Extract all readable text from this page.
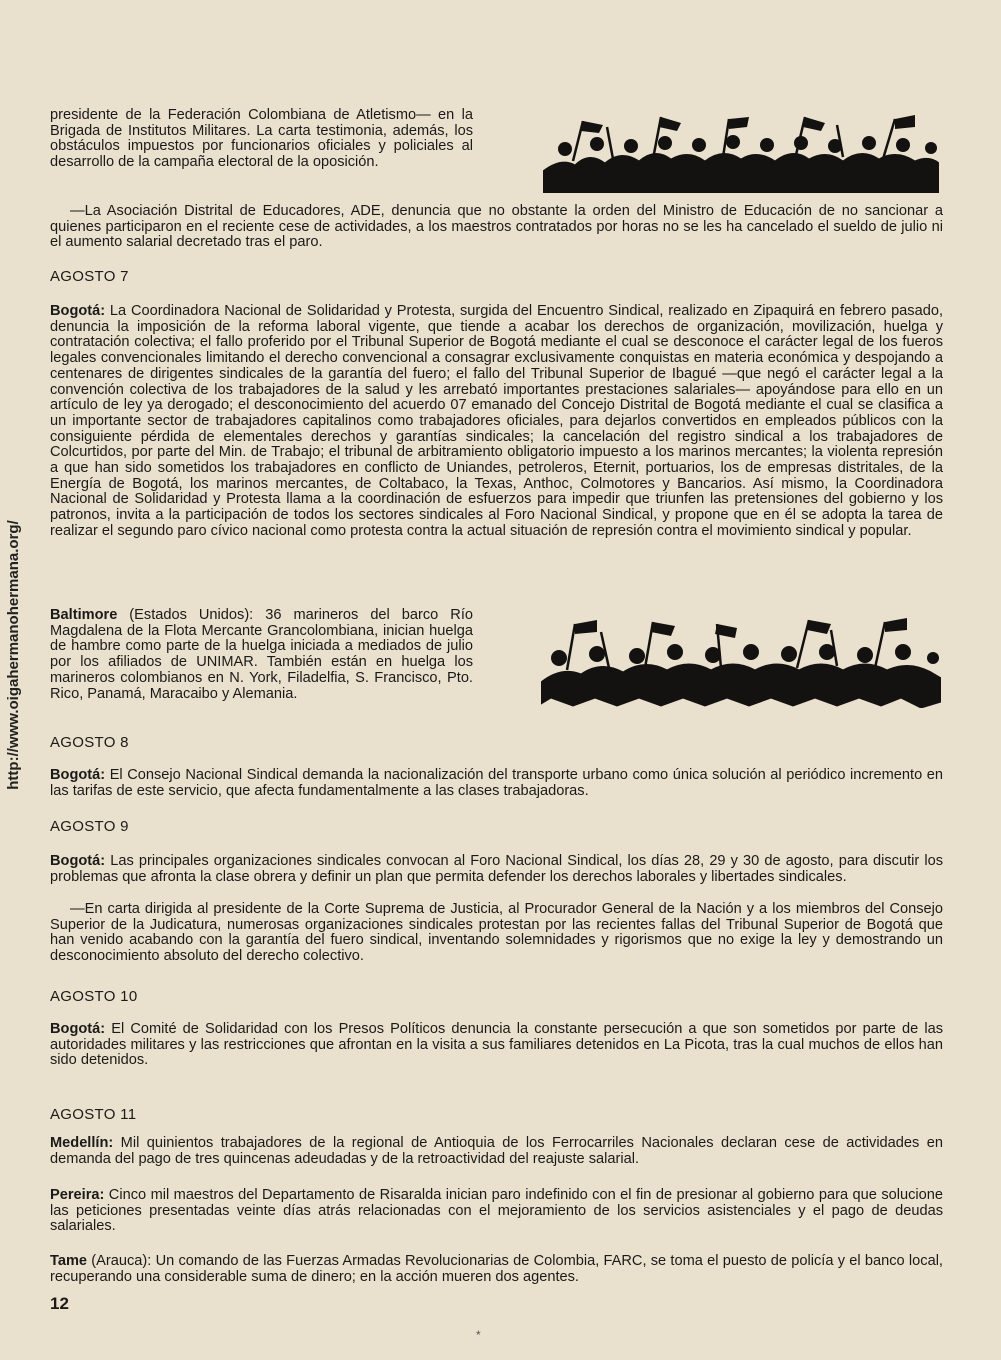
http://www.oigahermanohermana.org/

presidente de la Federación Colombiana de Atletismo— en la Brigada de Institutos Militares. La carta testimonia, además, los obstáculos impuestos por funcionarios oficiales y policiales al desarrollo de la campaña electoral de la oposición.

—La Asociación Distrital de Educadores, ADE, denuncia que no obstante la orden del Ministro de Educación de no sancionar a quienes participaron en el reciente cese de actividades, a los maestros contratados por horas no se les ha cancelado el sueldo de julio ni el aumento salarial decretado tras el paro.

AGOSTO 7

Bogotá: La Coordinadora Nacional de Solidaridad y Protesta, surgida del Encuentro Sindical, realizado en Zipaquirá en febrero pasado, denuncia la imposición de la reforma laboral vigente, que tiende a acabar los derechos de organización, movilización, huelga y contratación colectiva; el fallo proferido por el Tribunal Superior de Bogotá mediante el cual se desconoce el carácter legal de los fueros legales convencionales limitando el derecho convencional a consagrar exclusivamente conquistas en materia económica y despojando a centenares de dirigentes sindicales de la garantía del fuero; el fallo del Tribunal Superior de Ibagué —que negó el carácter legal a la convención colectiva de los trabajadores de la salud y les arrebató importantes prestaciones salariales— apoyándose para ello en un artículo de ley ya derogado; el desconocimiento del acuerdo 07 emanado del Concejo Distrital de Bogotá mediante el cual se clasifica a un importante sector de trabajadores capitalinos como trabajadores oficiales, para dejarlos convertidos en empleados públicos con la consiguiente pérdida de elementales derechos y garantías sindicales; la cancelación del registro sindical a los trabajadores de Colcurtidos, por parte del Min. de Trabajo; el tribunal de arbitramiento obligatorio impuesto a los marinos mercantes; la violenta represión a que han sido sometidos los trabajadores en conflicto de Uniandes, petroleros, Eternit, portuarios, los de empresas distritales, de la Energía de Bogotá, los marinos mercantes, de Coltabaco, la Texas, Anthoc, Colmotores y Bancarios. Así mismo, la Coordinadora Nacional de Solidaridad y Protesta llama a la coordinación de esfuerzos para impedir que triunfen las pretensiones del gobierno y los patronos, invita a la participación de todos los sectores sindicales al Foro Nacional Sindical, y propone que en él se adopta la tarea de realizar el segundo paro cívico nacional como protesta contra la actual situación de represión contra el movimiento sindical y popular.

Baltimore (Estados Unidos): 36 marineros del barco Río Magdalena de la Flota Mercante Grancolombiana, inician huelga de hambre como parte de la huelga iniciada a mediados de julio por los afiliados de UNIMAR. También están en huelga los marineros colombianos en N. York, Filadelfia, S. Francisco, Pto. Rico, Panamá, Maracaibo y Alemania.

AGOSTO 8

Bogotá: El Consejo Nacional Sindical demanda la nacionalización del transporte urbano como única solución al periódico incremento en las tarifas de este servicio, que afecta fundamentalmente a las clases trabajadoras.

AGOSTO 9

Bogotá: Las principales organizaciones sindicales convocan al Foro Nacional Sindical, los días 28, 29 y 30 de agosto, para discutir los problemas que afronta la clase obrera y definir un plan que permita defender los derechos laborales y libertades sindicales.

—En carta dirigida al presidente de la Corte Suprema de Justicia, al Procurador General de la Nación y a los miembros del Consejo Superior de la Judicatura, numerosas organizaciones sindicales protestan por las recientes fallas del Tribunal Superior de Bogotá que han venido acabando con la garantía del fuero sindical, inventando solemnidades y rigorismos que no exige la ley y demostrando un desconocimiento absoluto del derecho colectivo.

AGOSTO 10

Bogotá: El Comité de Solidaridad con los Presos Políticos denuncia la constante persecución a que son sometidos por parte de las autoridades militares y las restricciones que afrontan en la visita a sus familiares detenidos en La Picota, tras la cual muchos de ellos han sido detenidos.

AGOSTO 11

Medellín: Mil quinientos trabajadores de la regional de Antioquia de los Ferrocarriles Nacionales declaran cese de actividades en demanda del pago de tres quincenas adeudadas y de la retroactividad del reajuste salarial.

Pereira: Cinco mil maestros del Departamento de Risaralda inician paro indefinido con el fin de presionar al gobierno para que solucione las peticiones presentadas veinte días atrás relacionadas con el mejoramiento de los servicios asistenciales y el pago de deudas salariales.

Tame (Arauca): Un comando de las Fuerzas Armadas Revolucionarias de Colombia, FARC, se toma el puesto de policía y el banco local, recuperando una considerable suma de dinero; en la acción mueren dos agentes.

12
*
